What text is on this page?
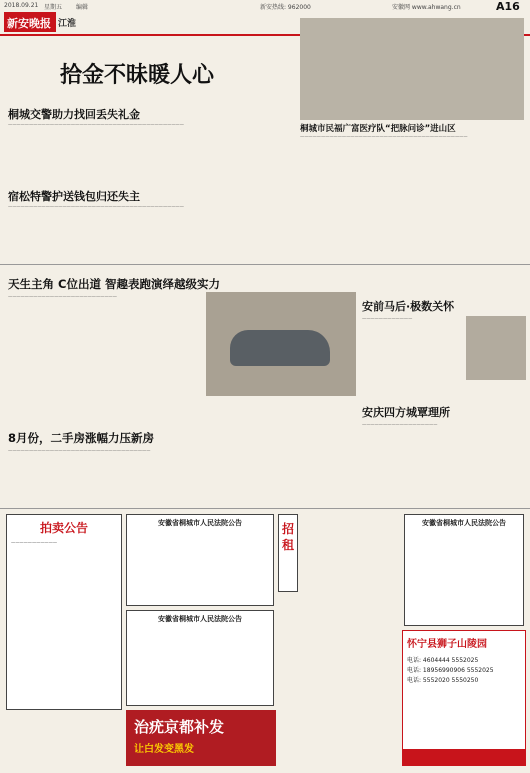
2018.09.21 星期五 编辑	新安热线: 962000	安徽网 www.ahwang.cn	A16
新安晚报 江淮
拾金不昧暖人心
桐城交警助力找回丢失礼金
——————————————————————————————————————————
宿松特警护送钱包归还失主
——————————————————————————————————————————
桐城市民福广富医疗队“把脉问诊”进山区
————————————————————————————————————————
天生主角 C位出道 智趣表跑演绎越级实力
——————————————————————————
8月份，二手房涨幅力压新房
——————————————————————————————————
安前马后·极数关怀
————————————
安庆四方城覃理所
——————————————————
拍卖公告
———————————
安徽省桐城市人民法院公告
安徽省桐城市人民法院公告
招租
安徽省桐城市人民法院公告
治疣京都补发
让白发变黑发
怀宁县狮子山陵园
电话: 4604444 5552025
电话: 18956990906 5552025
电话: 5552020 5550250
